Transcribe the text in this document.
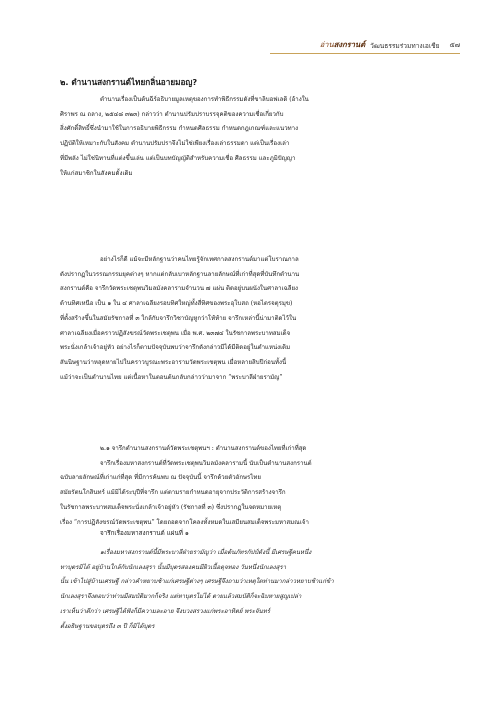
อ่านสงกรานต์ วัฒนธรรมร่วมทางเอเชีย ๕๗
๒. ตำนานสงกรานต์ไทยกลิ่นอายมอญ?

ตำนานเรื่องเป็นต้นฉีร์อธิบายมูลเหตุของการทำพิธีกรรมดังที่ขาลิบอฟเลดิ (อ้างใน

ศิราพร ณ ถลาง, ๒๕๔๘ ๓๒๓) กล่าวว่า ตำนานปรัมปราบรรจุคติของความเชื่อเกี่ยวกับ

สิ่งศักดิ์สิทธิ์ซึ่งนำมาใช้ในการอธิบายพิธีกรรม กำหนดศีลธรรม กำหนดกฎเกณฑ์และแนวทาง

ปฏิบัติให้เหมาะกับในสังคม ตำนานปรัมปราจึงไม่ใช่เพียงเรื่องเล่าธรรมดา แต่เป็นเรื่องเล่า

ที่มีพลัง ไม่ใช่นิทานที่แต่งขึ้นเล่น แต่เป็นบทบัญญัติสำหรับความเชื่อ ศีลธรรม และภูมิปัญญา

ให้แก่สมาชิกในสังคมดั้งเดิม

อย่างไรก็ดี แม้จะมีหลักฐานว่าคนไทยรู้จักเทศกาลสงกรานต์มาแต่โบราณกาล

ดังปรากฏในวรรณกรรมยุคต่างๆ หากแต่กลับเบาหลักฐานลายลักษณ์ที่เก่าที่สุดที่บันทึกตำนาน

สงกรานต์คือ จารึกวัดพระเชตุพนวิมลมังคลารามจำนวน ๗ แผ่น ติดอยู่บนผนังในศาลาเฉลียง

ด้านทิศเหนือ เป็น ๑ ใน ๔ ศาลาเฉลียงรอบทิศใหญ่ทั้งสี่ทิศของพระอุโบสถ (หอไตรจตุรมุข)

ที่ตั้งสร้างขึ้นในสมัยรัชกาลที่ ๓ ใกล้กับจารึกวิชาบัญหูกว่าโท้ท้าย จารึกเหล่านี้น่ามาติดไว้ใน

ศาลาเฉลียงเมื่อคราวปฏิสังขรณ์วัดพระเชตุพน เมื่อ พ.ศ. ๒๓๗๔ ในรัชกาลพระบาทสมเด็จ

พระนั่งเกล้าเจ้าอยู่หัว อย่างไรก็ตามปัจจุบันพบว่าจารึกดังกล่าวมีได้มีติดอยู่ในตำแหน่งเดิม

สันนิษฐานว่าหลุดหายไปในคราวบูรณะพระอารามวัดพระเชตุพน เมื่อหลายสิบปีก่อนทั้งนี้

แม้ว่าจะเป็นตำนานไทย แต่เนื้อหาในตอนต้นกลับกล่าวว่ามาจาก “พระบาลีฝ่ายรามัญ”

๒.๑ จารึกตำนานสงกรานต์วัดพระเชตุพนฯ : ตำนานสงกรานต์ของไทยที่เก่าที่สุด

จารึกเรื่องมหาสงกรานต์ที่วัดพระเชตุพนวิมลมังคลารามนี้ นับเป็นตำนานสงกรานต์

ฉบับลายลักษณ์ที่เก่าแก่ที่สุด ที่มีการค้นพบ ณ ปัจจุบันนี้ จารึกด้วยตัวอักษรไทย

สมัยรัตนโกสินทร์ แม้มิได้ระบุปีที่จารึก แต่ตามรายกำหนดอายุจากประวัติการสร้างจารึก

ในรัชกาลพระบาทสมเด็จพระนั่งเกล้าเจ้าอยู่หัว (รัชกาลที่ ๓) ซึ่งปรากฏในจดหมายเหตุ

เรื่อง “การปฏิสังขรณ์วัดพระเชตุพน” โดยถอดจากโคลงทั้งหมดในเสมียนสมเด็จพระมหาสมณเจ้า

จารึกเรื่องมหาสงกรานต์ แผ่นที่ ๑

๑เรื่องมหาสงกรานต์นี้มีพระบาลีฝ่ายรามัญว่า เมื่อต้นภัทรกัปป์ดังนี้ มีเศรษฐีคนหนึ่ง

ทาบุตรมิได้ อยู่บ้านใกล้กับนักเลงสุรา นั้นมีบุตรสองคนมีผิวเนื้อดุจทอง วันหนึ่งนักเลงสุรา

นั้น เข้าไปสู่บ้านเศรษฐี กล่าวคำหยาบช้าแก่เศรษฐีต่างๆ เศรษฐีจึงถามว่าเหตุใดท่านมากล่าวหยาบช้าแก่ข้า

นักเลงสุราจึงตอบว่าท่านมีสมบัติมากก็จริง แต่หาบุตรไม่ได้ ตายแล้วสมบัติก็จะฉิบหายสูญเปล่า

เราเห็นว่าดีกว่า เศรษฐีได้ฟังก็มีความละอาย จึงบวงสรวงแก่พระอาทิตย์ พระจันทร์

ตั้งอธิษฐานขอบุตรถึง ๓ ปี ก็มิได้บุตร
